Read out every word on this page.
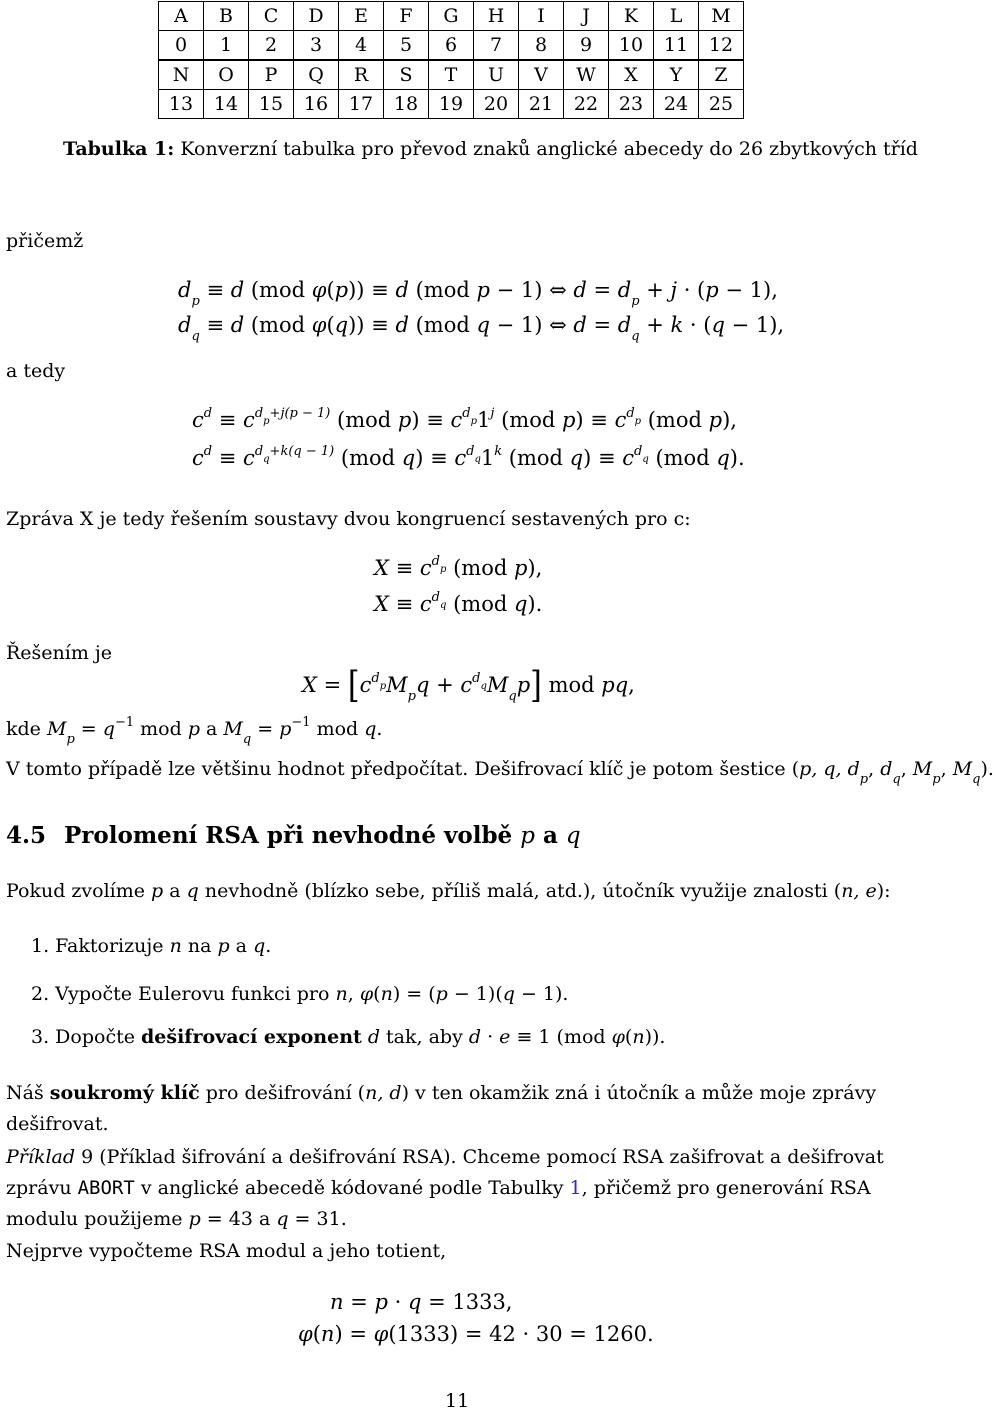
A	B	C	D	E	F	G	H	I	J	K	L	M
0	1	2	3	4	5	6	7	8	9	10	11	12
N	O	P	Q	R	S	T	U	V	W	X	Y	Z
13	14	15	16	17	18	19	20	21	22	23	24	25
Tabulka 1: Konverzní tabulka pro převod znaků anglické abecedy do 26 zbytkových tříd
přičemž
$d_p \equiv d$ (mod φ(p)) ≡ d (mod p − 1) ⇔ $d = d_p + j \cdot (p - 1)$,
$d_q \equiv d$ (mod φ(q)) ≡ d (mod q − 1) ⇔ $d = d_q + k \cdot (q - 1)$,
a tedy
$c^d \equiv c^{d_p+j(p - 1)}$ (mod $p) \equiv c^{d_p}1^j$ (mod $p) \equiv c^{d_p}$ (mod p),
$c^d \equiv c^{d_q+k(q - 1)}$ (mod $q) \equiv c^{d_q}1^k$ (mod $q) \equiv c^{d_q}$ (mod q).
Zpráva X je tedy řešením soustavy dvou kongruencí sestavených pro c:
$X \equiv c^{d_p}$ (mod p),
$X \equiv c^{d_q}$ (mod q).
Řešením je
$X = [c^{d_p}M_pq + c^{d_q}M_qp]$ mod pq,
kde $M_p = q^{-1}$ mod p a $M_q = p^{-1}$ mod q.
V tomto případě lze většinu hodnot předpočítat. Dešifrovací klíč je potom šestice (p, q, $d_p$, $d_q$, $M_p$, $M_q$).
4.5 Prolomení RSA při nevhodné volbě p a q
Pokud zvolíme p a q nevhodně (blízko sebe, příliš malá, atd.), útočník využije znalosti (n, e):
1. Faktorizuje n na p a q.
2. Vypočte Eulerovu funkci pro n, φ(n) = (p − 1)(q − 1).
3. Dopočte dešifrovací exponent d tak, aby d · e ≡ 1 (mod φ(n)).
Náš soukromý klíč pro dešifrování (n, d) v ten okamžik zná i útočník a může moje zprávy dešifrovat.
Příklad 9 (Příklad šifrování a dešifrování RSA). Chceme pomocí RSA zašifrovat a dešifrovat zprávu ABORT v anglické abecedě kódované podle Tabulky 1, přičemž pro generování RSA modulu použijeme p = 43 a q = 31.
Nejprve vypočteme RSA modul a jeho totient,
n = p · q = 1333,
φ(n) = φ(1333) = 42 · 30 = 1260.
11
